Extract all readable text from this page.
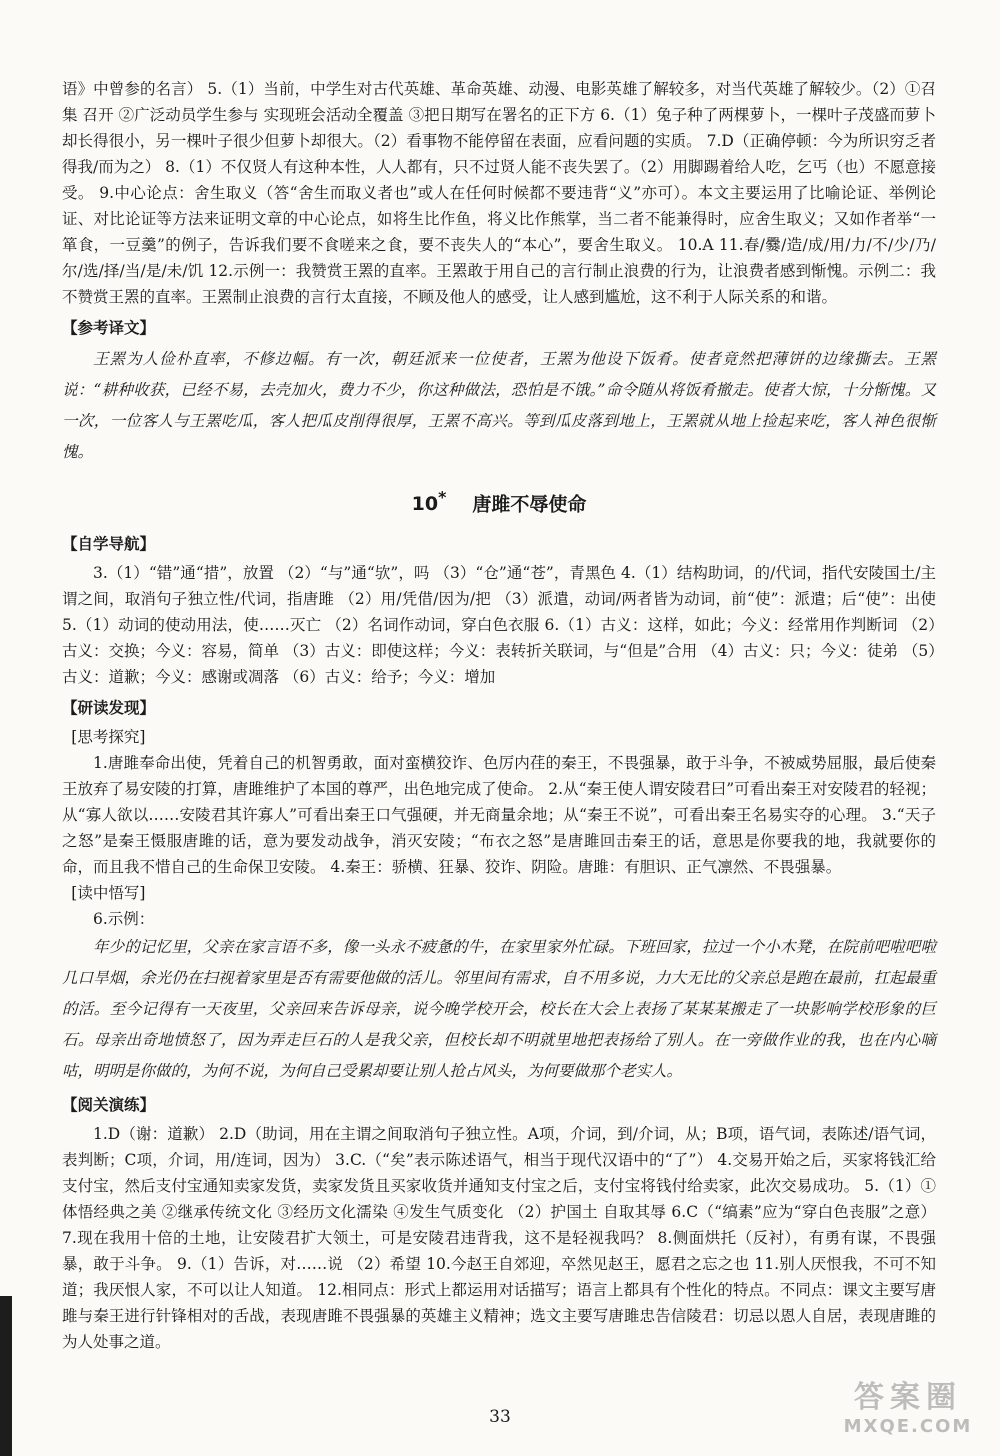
语》中曾参的名言） 5.（1）当前，中学生对古代英雄、革命英雄、动漫、电影英雄了解较多，对当代英雄了解较少。（2）①召集 召开 ②广泛动员学生参与 实现班会活动全覆盖 ③把日期写在署名的正下方 6.（1）兔子种了两棵萝卜，一棵叶子茂盛而萝卜却长得很小，另一棵叶子很少但萝卜却很大。（2）看事物不能停留在表面，应看问题的实质。 7.D（正确停顿：今为所识穷乏者得我/而为之） 8.（1）不仅贤人有这种本性，人人都有，只不过贤人能不丧失罢了。（2）用脚踢着给人吃，乞丐（也）不愿意接受。 9.中心论点：舍生取义（答“舍生而取义者也”或人在任何时候都不要违背“义”亦可）。本文主要运用了比喻论证、举例论证、对比论证等方法来证明文章的中心论点，如将生比作鱼，将义比作熊掌，当二者不能兼得时，应舍生取义；又如作者举“一箪食，一豆羹”的例子，告诉我们要不食嗟来之食，要不丧失人的“本心”，要舍生取义。 10.A 11.春/爨/造/成/用/力/不/少/乃/尔/选/择/当/是/未/饥 12.示例一：我赞赏王罴的直率。王罴敢于用自己的言行制止浪费的行为，让浪费者感到惭愧。示例二：我不赞赏王罴的直率。王罴制止浪费的言行太直接，不顾及他人的感受，让人感到尴尬，这不利于人际关系的和谐。

【参考译文】

王罴为人俭朴直率，不修边幅。有一次，朝廷派来一位使者，王罴为他设下饭肴。使者竟然把薄饼的边缘撕去。王罴说：“耕种收获，已经不易，去壳加火，费力不少，你这种做法，恐怕是不饿。”命令随从将饭肴撤走。使者大惊，十分惭愧。又一次，一位客人与王罴吃瓜，客人把瓜皮削得很厚，王罴不高兴。等到瓜皮落到地上，王罴就从地上捡起来吃，客人神色很惭愧。

10* 唐雎不辱使命
【自学导航】

3.（1）“错”通“措”，放置 （2）“与”通“欤”，吗 （3）“仓”通“苍”，青黑色 4.（1）结构助词，的/代词，指代安陵国土/主谓之间，取消句子独立性/代词，指唐雎 （2）用/凭借/因为/把 （3）派遣，动词/两者皆为动词，前“使”：派遣；后“使”：出使 5.（1）动词的使动用法，使……灭亡 （2）名词作动词，穿白色衣服 6.（1）古义：这样，如此；今义：经常用作判断词 （2）古义：交换；今义：容易，简单 （3）古义：即使这样；今义：表转折关联词，与“但是”合用 （4）古义：只；今义：徒弟 （5）古义：道歉；今义：感谢或凋落 （6）古义：给予；今义：增加

【研读发现】
[思考探究]

1.唐雎奉命出使，凭着自己的机智勇敢，面对蛮横狡诈、色厉内荏的秦王，不畏强暴，敢于斗争，不被威势屈服，最后使秦王放弃了易安陵的打算，唐雎维护了本国的尊严，出色地完成了使命。 2.从“秦王使人谓安陵君曰”可看出秦王对安陵君的轻视；从“寡人欲以……安陵君其许寡人”可看出秦王口气强硬，并无商量余地；从“秦王不说”，可看出秦王名易实夺的心理。 3.“天子之怒”是秦王慑服唐雎的话，意为要发动战争，消灭安陵；“布衣之怒”是唐雎回击秦王的话，意思是你要我的地，我就要你的命，而且我不惜自己的生命保卫安陵。 4.秦王：骄横、狂暴、狡诈、阴险。唐雎：有胆识、正气凛然、不畏强暴。

[读中悟写]

6.示例：

年少的记忆里，父亲在家言语不多，像一头永不疲惫的牛，在家里家外忙碌。下班回家，拉过一个小木凳，在院前吧啦吧啦几口旱烟，余光仍在扫视着家里是否有需要他做的活儿。邻里间有需求，自不用多说，力大无比的父亲总是跑在最前，扛起最重的活。至今记得有一天夜里，父亲回来告诉母亲，说今晚学校开会，校长在大会上表扬了某某某搬走了一块影响学校形象的巨石。母亲出奇地愤怒了，因为弄走巨石的人是我父亲，但校长却不明就里地把表扬给了别人。在一旁做作业的我，也在内心嘀咕，明明是你做的，为何不说，为何自己受累却要让别人抢占风头，为何要做那个老实人。

【阅关演练】

1.D（谢：道歉） 2.D（助词，用在主谓之间取消句子独立性。A项，介词，到/介词，从；B项，语气词，表陈述/语气词，表判断；C项，介词，用/连词，因为） 3.C.（“矣”表示陈述语气，相当于现代汉语中的“了”） 4.交易开始之后，买家将钱汇给支付宝，然后支付宝通知卖家发货，卖家发货且买家收货并通知支付宝之后，支付宝将钱付给卖家，此次交易成功。 5.（1）①体悟经典之美 ②继承传统文化 ③经历文化濡染 ④发生气质变化 （2）护国土 自取其辱 6.C（“缟素”应为“穿白色丧服”之意） 7.现在我用十倍的土地，让安陵君扩大领土，可是安陵君违背我，这不是轻视我吗？ 8.侧面烘托（反衬），有勇有谋，不畏强暴，敢于斗争。 9.（1）告诉，对……说 （2）希望 10.今赵王自郊迎，卒然见赵王，愿君之忘之也 11.别人厌恨我，不可不知道；我厌恨人家，不可以让人知道。 12.相同点：形式上都运用对话描写；语言上都具有个性化的特点。不同点：课文主要写唐雎与秦王进行针锋相对的舌战，表现唐雎不畏强暴的英雄主义精神；选文主要写唐雎忠告信陵君：切忌以恩人自居，表现唐雎的为人处事之道。

33
答案圈
MXQE.COM
